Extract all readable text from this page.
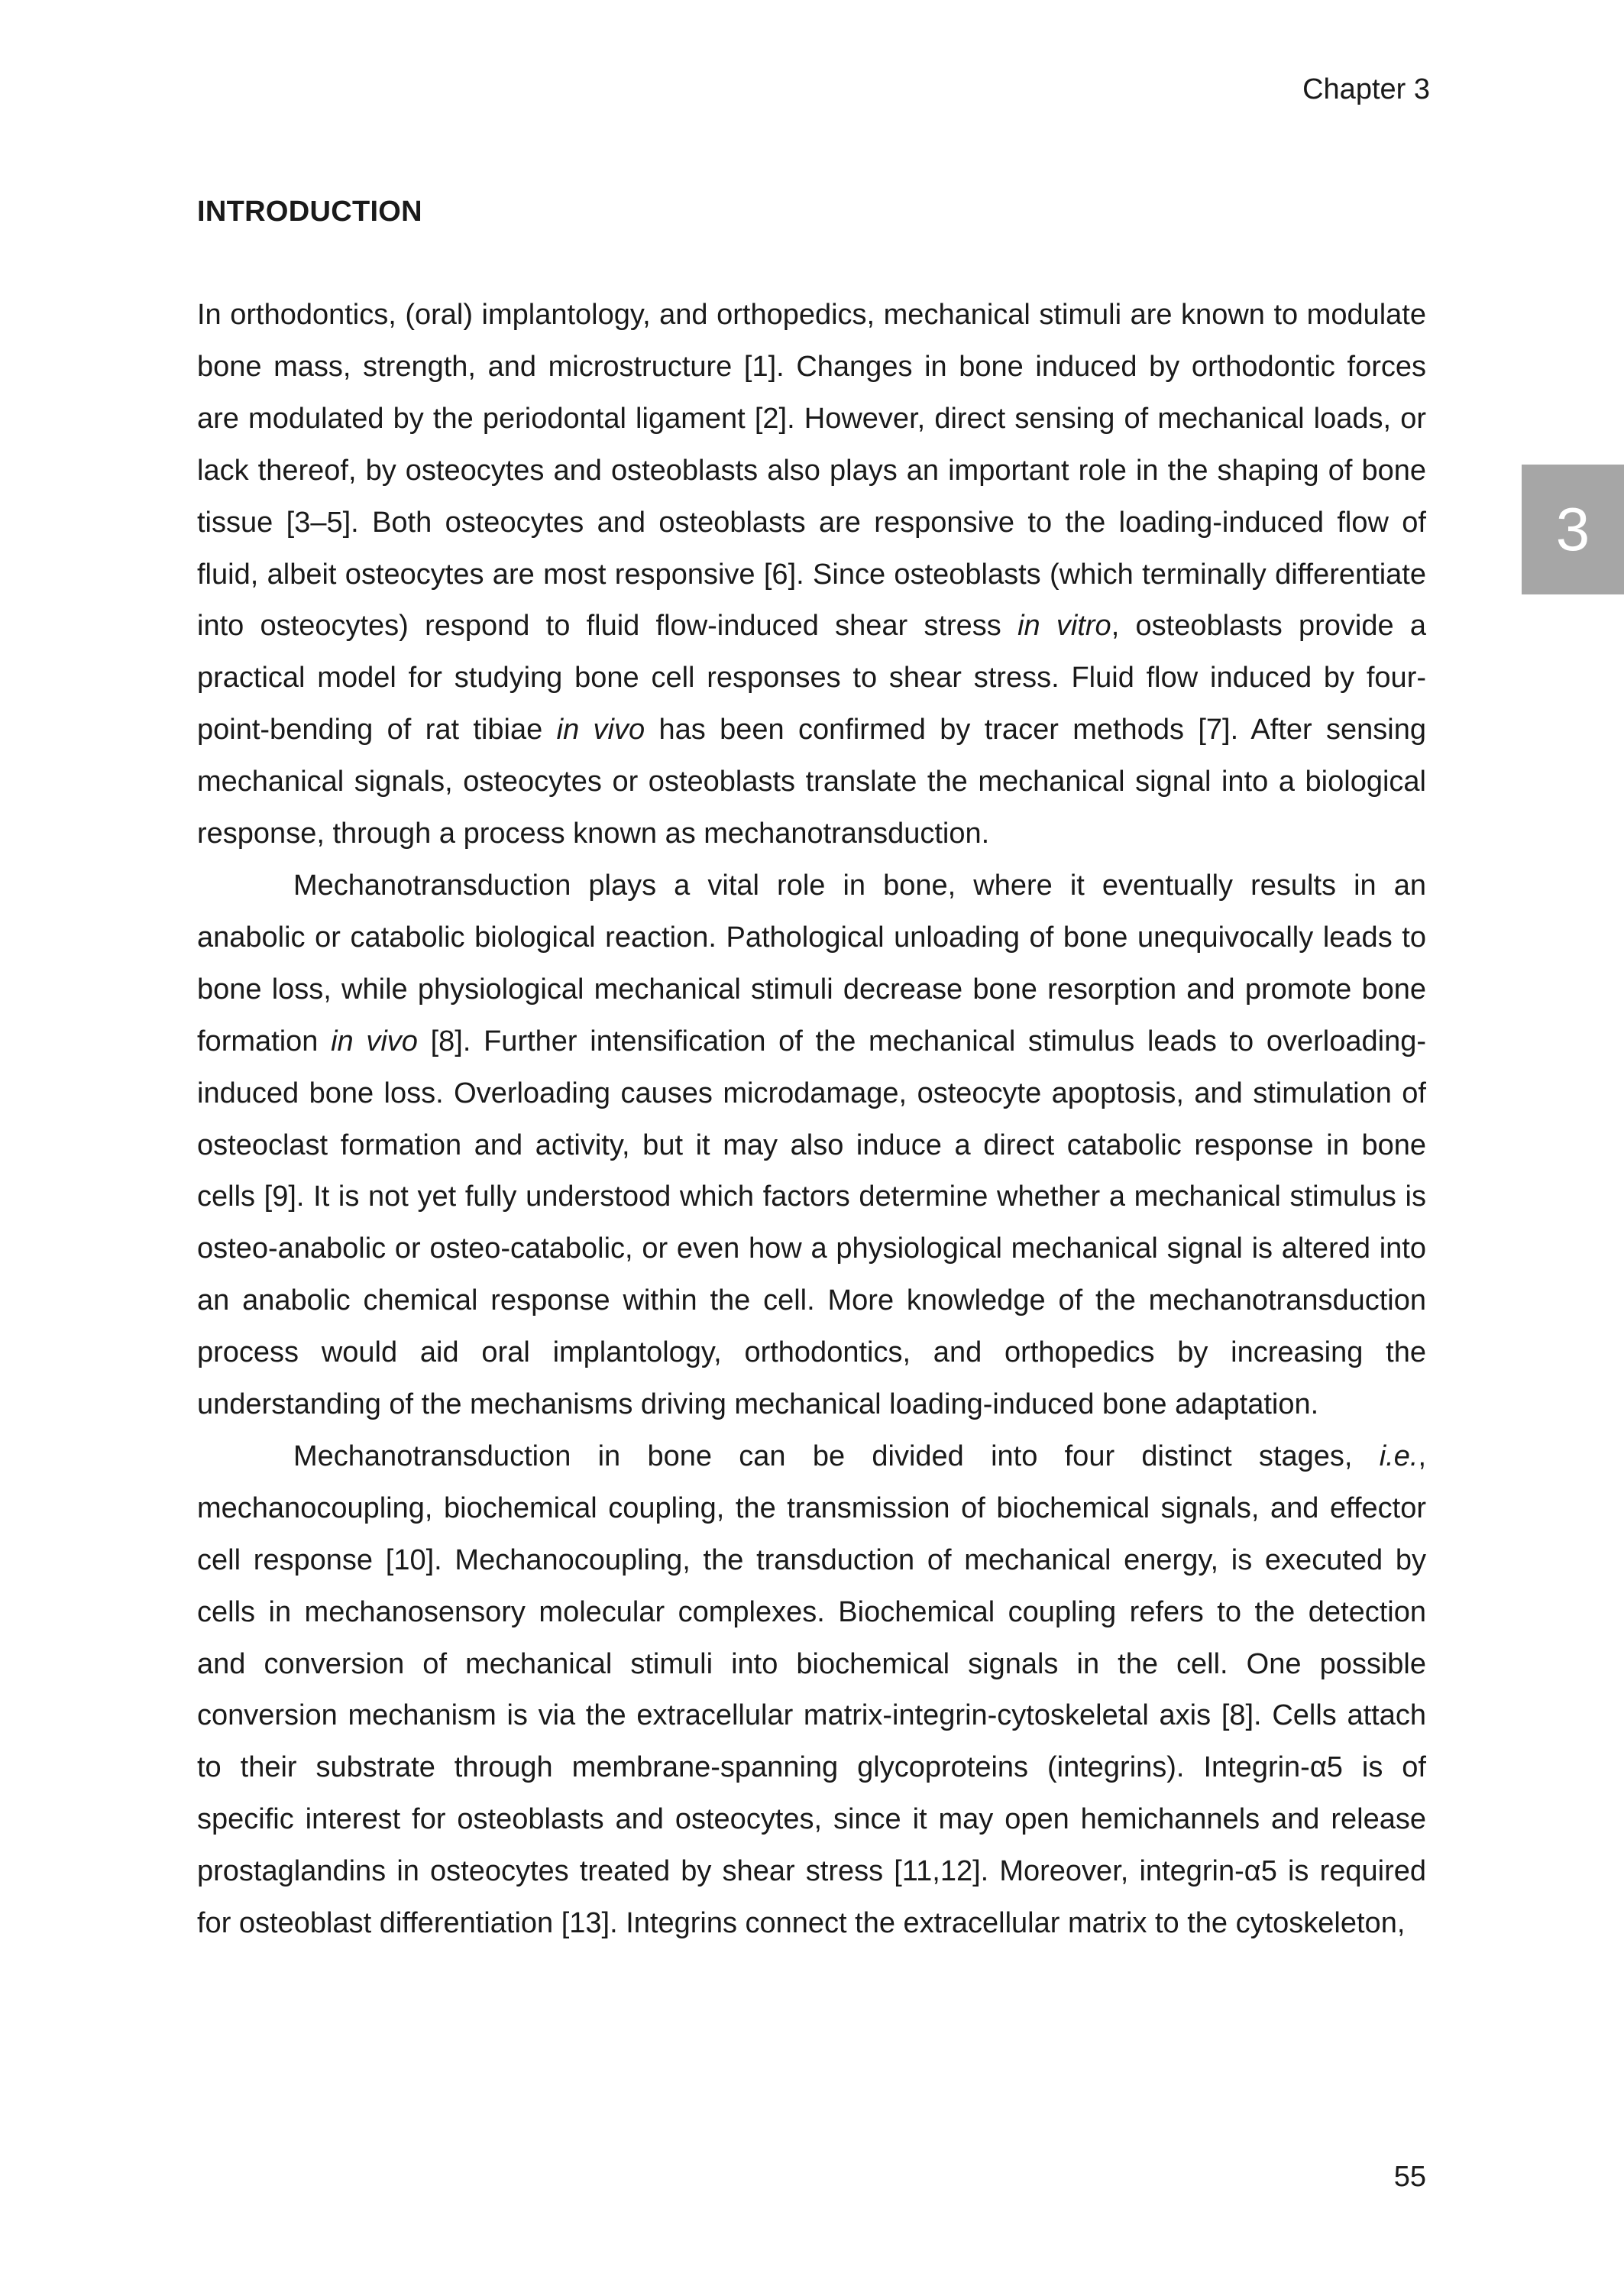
Chapter 3
3
INTRODUCTION

In orthodontics, (oral) implantology, and orthopedics, mechanical stimuli are known to modulate bone mass, strength, and microstructure [1]. Changes in bone induced by orthodontic forces are modulated by the periodontal ligament [2]. However, direct sensing of mechanical loads, or lack thereof, by osteocytes and osteoblasts also plays an important role in the shaping of bone tissue [3–5]. Both osteocytes and osteoblasts are responsive to the loading-induced flow of fluid, albeit osteocytes are most responsive [6]. Since osteoblasts (which terminally differentiate into osteocytes) respond to fluid flow-induced shear stress in vitro, osteoblasts provide a practical model for studying bone cell responses to shear stress. Fluid flow induced by four-point-bending of rat tibiae in vivo has been confirmed by tracer methods [7]. After sensing mechanical signals, osteocytes or osteoblasts translate the mechanical signal into a biological response, through a process known as mechanotransduction.

Mechanotransduction plays a vital role in bone, where it eventually results in an anabolic or catabolic biological reaction. Pathological unloading of bone unequivocally leads to bone loss, while physiological mechanical stimuli decrease bone resorption and promote bone formation in vivo [8]. Further intensification of the mechanical stimulus leads to overloading-induced bone loss. Overloading causes microdamage, osteocyte apoptosis, and stimulation of osteoclast formation and activity, but it may also induce a direct catabolic response in bone cells [9]. It is not yet fully understood which factors determine whether a mechanical stimulus is osteo-anabolic or osteo-catabolic, or even how a physiological mechanical signal is altered into an anabolic chemical response within the cell. More knowledge of the mechanotransduction process would aid oral implantology, orthodontics, and orthopedics by increasing the understanding of the mechanisms driving mechanical loading-induced bone adaptation.

Mechanotransduction in bone can be divided into four distinct stages, i.e., mechanocoupling, biochemical coupling, the transmission of biochemical signals, and effector cell response [10]. Mechanocoupling, the transduction of mechanical energy, is executed by cells in mechanosensory molecular complexes. Biochemical coupling refers to the detection and conversion of mechanical stimuli into biochemical signals in the cell. One possible conversion mechanism is via the extracellular matrix-integrin-cytoskeletal axis [8]. Cells attach to their substrate through membrane-spanning glycoproteins (integrins). Integrin-α5 is of specific interest for osteoblasts and osteocytes, since it may open hemichannels and release prostaglandins in osteocytes treated by shear stress [11,12]. Moreover, integrin-α5 is required for osteoblast differentiation [13]. Integrins connect the extracellular matrix to the cytoskeleton,

55
